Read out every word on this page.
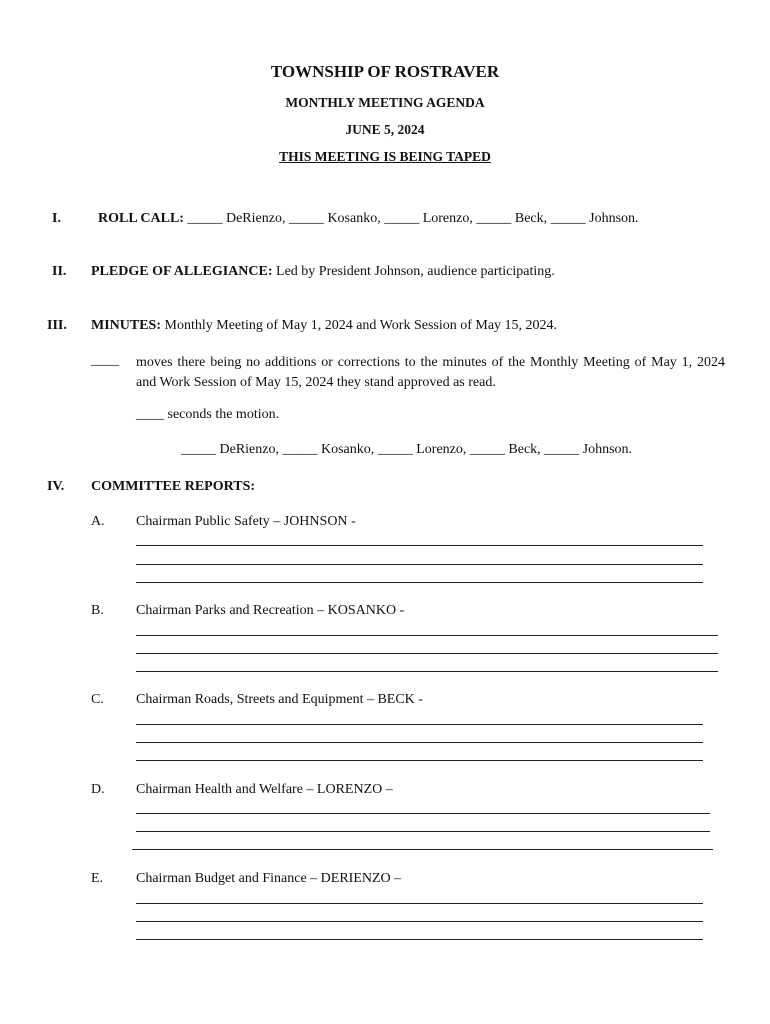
TOWNSHIP OF ROSTRAVER
MONTHLY MEETING AGENDA
JUNE 5, 2024
THIS MEETING IS BEING TAPED
I.	ROLL CALL: _____ DeRienzo, _____ Kosanko, _____ Lorenzo, _____ Beck, _____ Johnson.
II. PLEDGE OF ALLEGIANCE: Led by President Johnson, audience participating.
III. MINUTES: Monthly Meeting of May 1, 2024 and Work Session of May 15, 2024.
____ moves there being no additions or corrections to the minutes of the Monthly Meeting of May 1, 2024 and Work Session of May 15, 2024 they stand approved as read.
____ seconds the motion.
_____ DeRienzo, _____ Kosanko, _____ Lorenzo, _____ Beck, _____ Johnson.
IV. COMMITTEE REPORTS:
A. Chairman Public Safety – JOHNSON -
B. Chairman Parks and Recreation – KOSANKO -
C. Chairman Roads, Streets and Equipment – BECK -
D. Chairman Health and Welfare – LORENZO –
E. Chairman Budget and Finance – DERIENZO –
